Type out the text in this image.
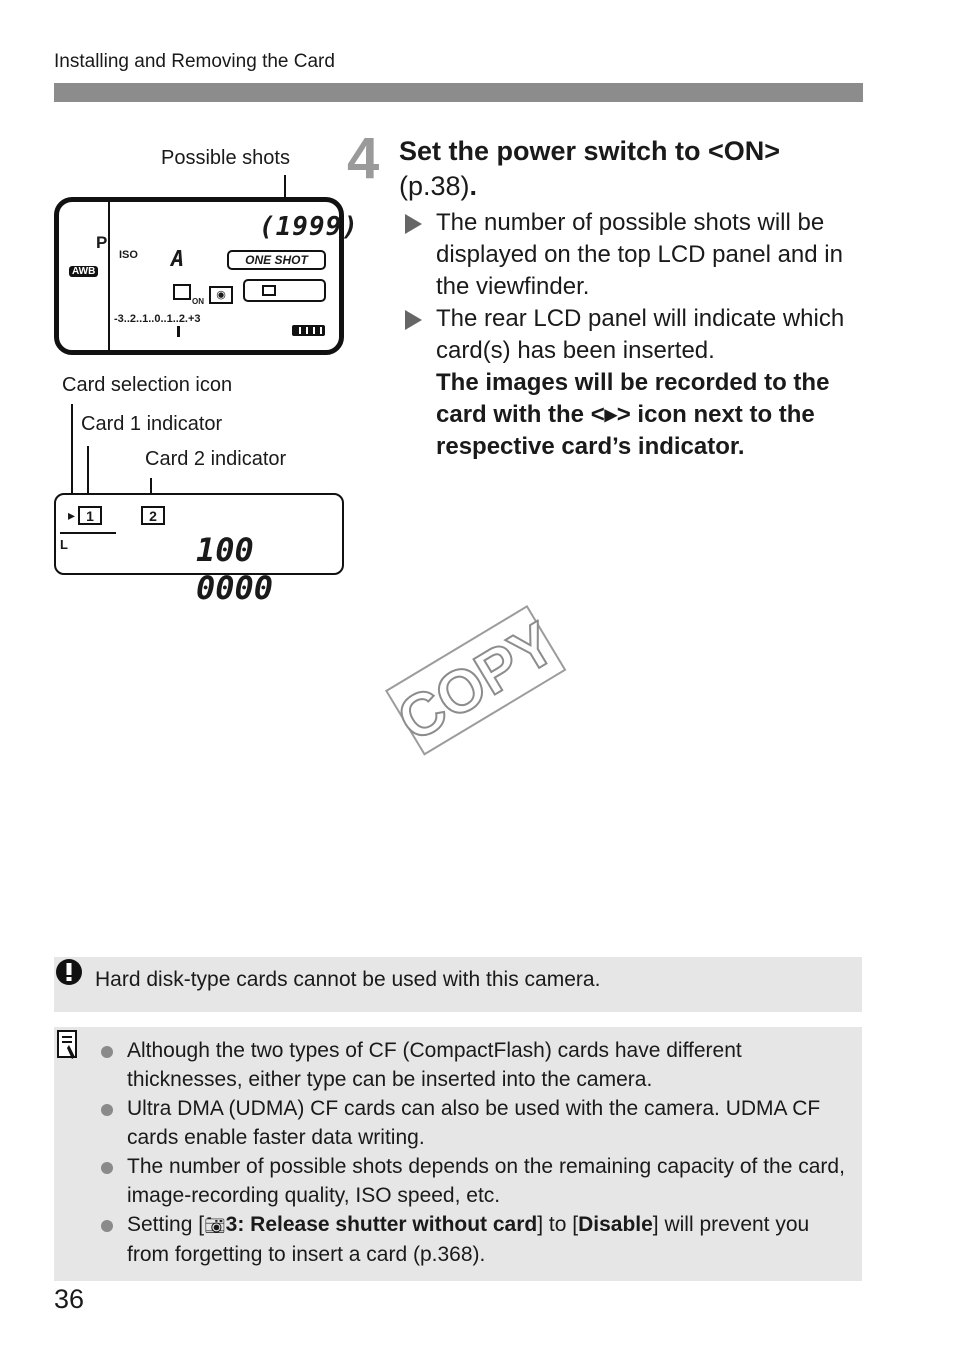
Installing and Removing the Card
Possible shots
P
ISO
AWB	A
(1999)
ONE SHOT
ON
◉
-3..2..1..0..1..2.+3
Card selection icon
Card 1 indicator
Card 2 indicator
▸ 1	2
L	100 0000
4 Set the power switch to <ON>
(p.38).
The number of possible shots will be displayed on the top LCD panel and in the viewfinder.
The rear LCD panel will indicate which card(s) has been inserted.
The images will be recorded to the card with the <▸> icon next to the respective card’s indicator.
COPY
Hard disk-type cards cannot be used with this camera.
Although the two types of CF (CompactFlash) cards have different thicknesses, either type can be inserted into the camera.
Ultra DMA (UDMA) CF cards can also be used with the camera. UDMA CF cards enable faster data writing.
The number of possible shots depends on the remaining capacity of the card, image-recording quality, ISO speed, etc.
Setting [📷︎3: Release shutter without card] to [Disable] will prevent you from forgetting to insert a card (p.368).
36
